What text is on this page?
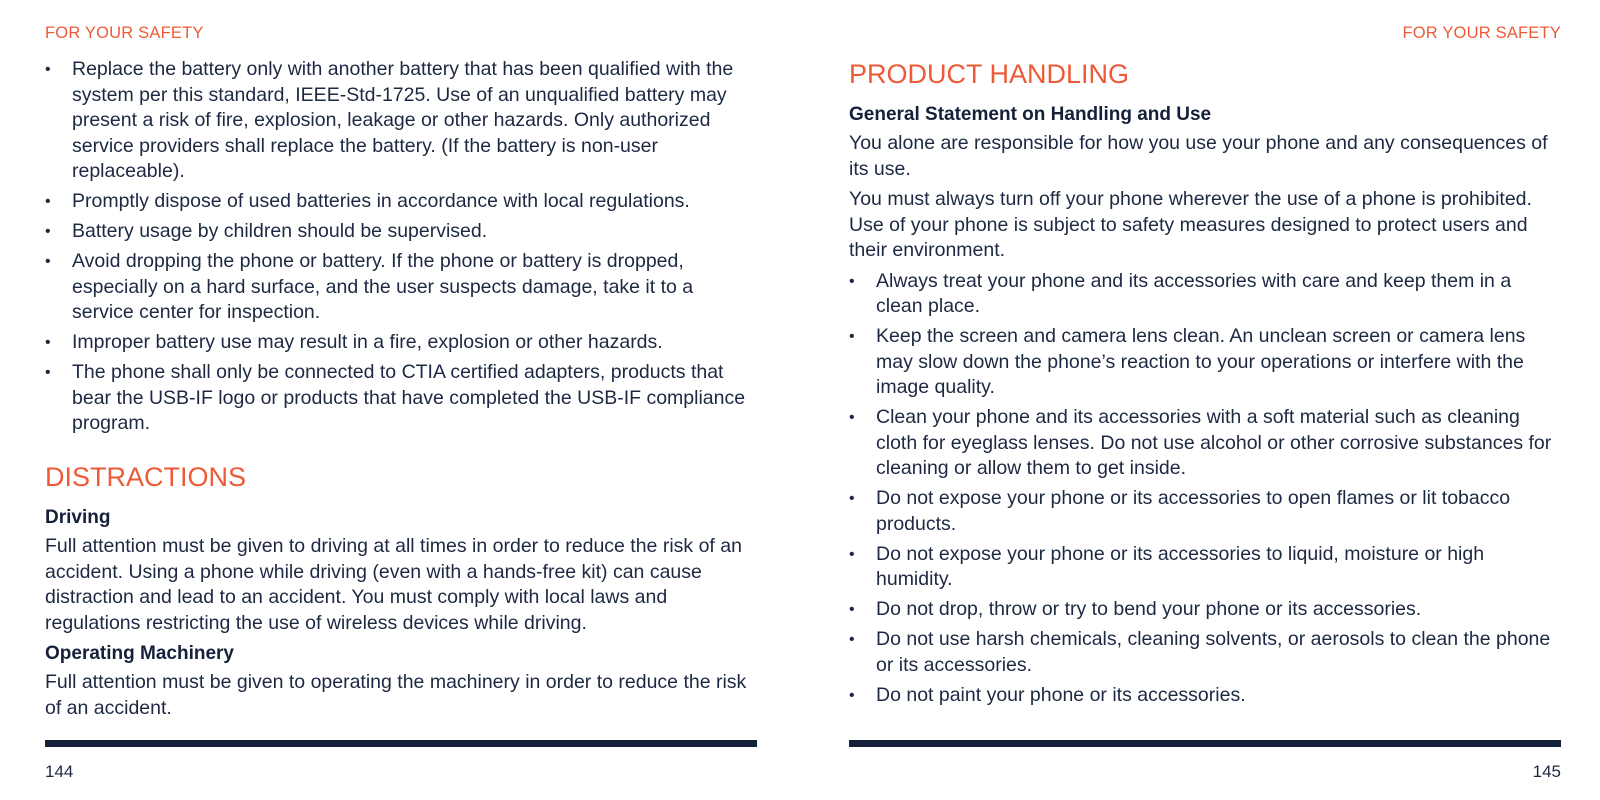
FOR YOUR SAFETY
• Replace the battery only with another battery that has been qualified with the system per this standard, IEEE-Std-1725. Use of an unqualified battery may present a risk of fire, explosion, leakage or other hazards. Only authorized service providers shall replace the battery. (If the battery is non-user replaceable).
• Promptly dispose of used batteries in accordance with local regulations.
• Battery usage by children should be supervised.
• Avoid dropping the phone or battery. If the phone or battery is dropped, especially on a hard surface, and the user suspects damage, take it to a service center for inspection.
• Improper battery use may result in a fire, explosion or other hazards.
• The phone shall only be connected to CTIA certified adapters, products that bear the USB-IF logo or products that have completed the USB-IF compliance program.
DISTRACTIONS
Driving

Full attention must be given to driving at all times in order to reduce the risk of an accident. Using a phone while driving (even with a hands-free kit) can cause distraction and lead to an accident. You must comply with local laws and regulations restricting the use of wireless devices while driving.

Operating Machinery

Full attention must be given to operating the machinery in order to reduce the risk of an accident.

144
FOR YOUR SAFETY
PRODUCT HANDLING
General Statement on Handling and Use

You alone are responsible for how you use your phone and any consequences of its use.

You must always turn off your phone wherever the use of a phone is prohibited. Use of your phone is subject to safety measures designed to protect users and their environment.

• Always treat your phone and its accessories with care and keep them in a clean place.
• Keep the screen and camera lens clean. An unclean screen or camera lens may slow down the phone’s reaction to your operations or interfere with the image quality.
• Clean your phone and its accessories with a soft material such as cleaning cloth for eyeglass lenses. Do not use alcohol or other corrosive substances for cleaning or allow them to get inside.
• Do not expose your phone or its accessories to open flames or lit tobacco products.
• Do not expose your phone or its accessories to liquid, moisture or high humidity.
• Do not drop, throw or try to bend your phone or its accessories.
• Do not use harsh chemicals, cleaning solvents, or aerosols to clean the phone or its accessories.
• Do not paint your phone or its accessories.
145
